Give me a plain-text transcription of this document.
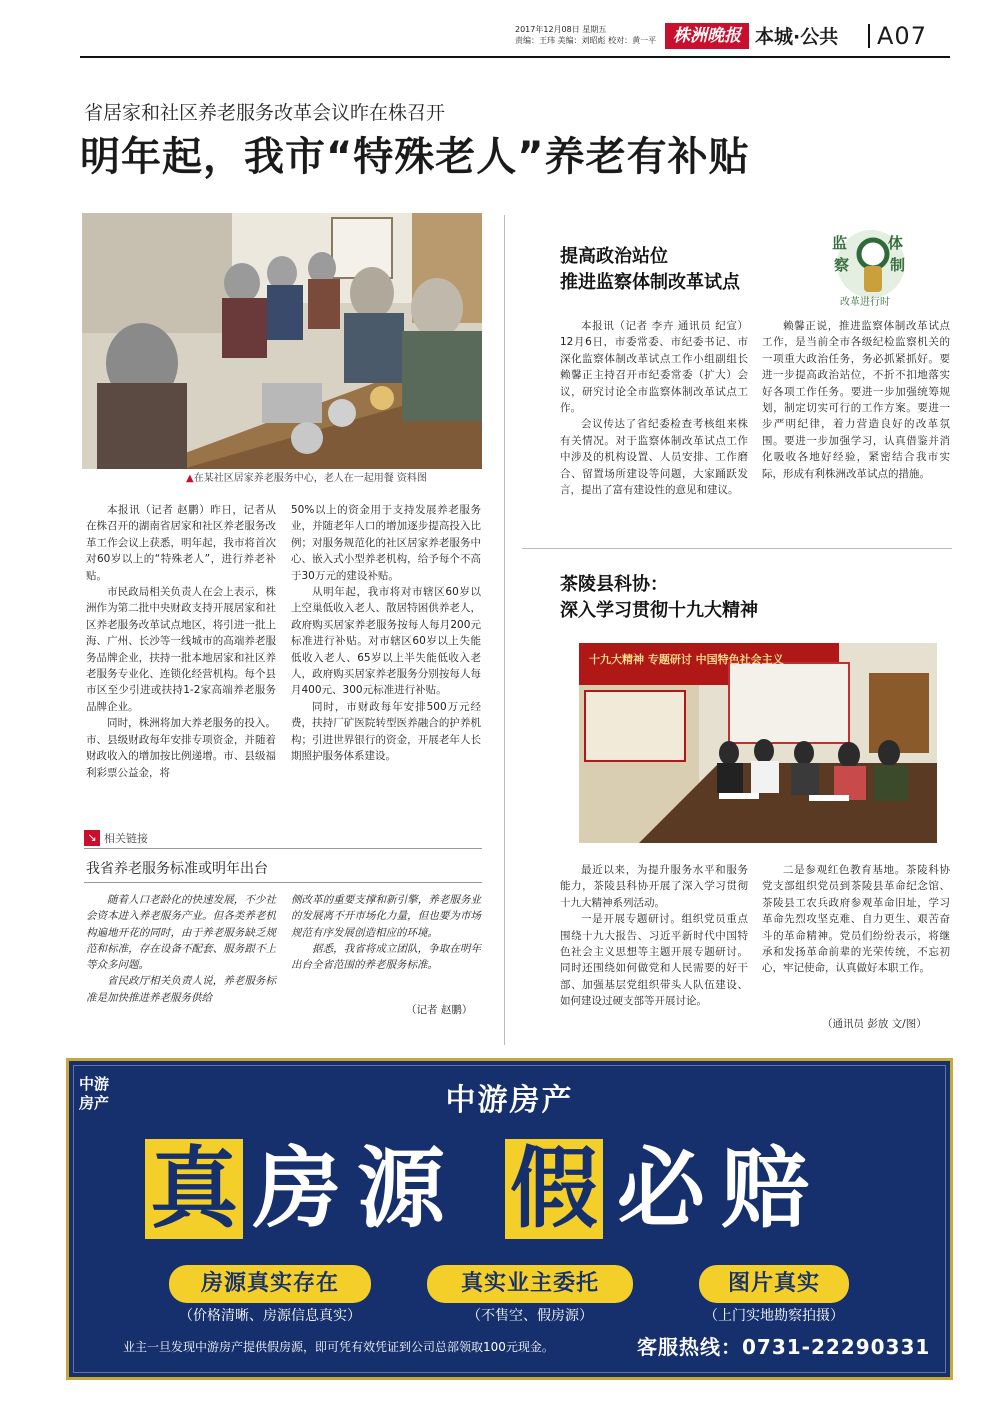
2017年12月08日 星期五
责编：王玮 美编：刘昭彪 校对：黄一平 株洲晚报 本城·公共 A07
省居家和社区养老服务改革会议昨在株召开
明年起，我市“特殊老人”养老有补贴
▲在某社区居家养老服务中心，老人在一起用餐 资料图

本报讯（记者 赵鹏）昨日，记者从在株召开的湖南省居家和社区养老服务改革工作会议上获悉，明年起，我市将首次对60岁以上的“特殊老人”，进行养老补贴。

市民政局相关负责人在会上表示，株洲作为第二批中央财政支持开展居家和社区养老服务改革试点地区，将引进一批上海、广州、长沙等一线城市的高端养老服务品牌企业，扶持一批本地居家和社区养老服务专业化、连锁化经营机构。每个县市区至少引进或扶持1-2家高端养老服务品牌企业。

同时，株洲将加大养老服务的投入。市、县级财政每年安排专项资金，并随着财政收入的增加按比例递增。市、县级福利彩票公益金，将

50%以上的资金用于支持发展养老服务业，并随老年人口的增加逐步提高投入比例；对服务规范化的社区居家养老服务中心、嵌入式小型养老机构，给予每个不高于30万元的建设补贴。

从明年起，我市将对市辖区60岁以上空巢低收入老人、散居特困供养老人，政府购买居家养老服务按每人每月200元标准进行补贴。对市辖区60岁以上失能低收入老人、65岁以上半失能低收入老人，政府购买居家养老服务分别按每人每月400元、300元标准进行补贴。

同时，市财政每年安排500万元经费，扶持厂矿医院转型医养融合的护养机构；引进世界银行的资金，开展老年人长期照护服务体系建设。

↘ 相关链接
我省养老服务标准或明年出台

随着人口老龄化的快速发展，不少社会资本进入养老服务产业。但各类养老机构遍地开花的同时，由于养老服务缺乏规范和标准，存在设备不配套、服务跟不上等众多问题。

省民政厅相关负责人说，养老服务标准是加快推进养老服务供给

侧改革的重要支撑和新引擎，养老服务业的发展离不开市场化力量，但也要为市场规范有序发展创造相应的环境。

据悉，我省将成立团队，争取在明年出台全省范围的养老服务标准。

（记者 赵鹏）
提高政治站位
推进监察体制改革试点
监	体
察	制
改革进行时

本报讯（记者 李卉 通讯员 纪宣）12月6日，市委常委、市纪委书记、市深化监察体制改革试点工作小组副组长赖馨正主持召开市纪委常委（扩大）会议，研究讨论全市监察体制改革试点工作。

会议传达了省纪委检查考核组来株有关情况。对于监察体制改革试点工作中涉及的机构设置、人员安排、工作磨合、留置场所建设等问题，大家踊跃发言，提出了富有建设性的意见和建议。

赖馨正说，推进监察体制改革试点工作，是当前全市各级纪检监察机关的一项重大政治任务，务必抓紧抓好。要进一步提高政治站位，不折不扣地落实好各项工作任务。要进一步加强统筹规划，制定切实可行的工作方案。要进一步严明纪律，着力营造良好的改革氛围。要进一步加强学习，认真借鉴并消化吸收各地好经验，紧密结合我市实际，形成有利株洲改革试点的措施。

茶陵县科协：
深入学习贯彻十九大精神
十九大精神 专题研讨 中国特色社会主义

最近以来，为提升服务水平和服务能力，茶陵县科协开展了深入学习贯彻十九大精神系列活动。

一是开展专题研讨。组织党员重点围绕十九大报告、习近平新时代中国特色社会主义思想等主题开展专题研讨。同时还围绕如何做党和人民需要的好干部、加强基层党组织带头人队伍建设、如何建设过硬支部等开展讨论。

二是参观红色教育基地。茶陵科协党支部组织党员到茶陵县革命纪念馆、茶陵县工农兵政府参观革命旧址，学习革命先烈攻坚克难、自力更生、艰苦奋斗的革命精神。党员们纷纷表示，将继承和发扬革命前辈的光荣传统，不忘初心，牢记使命，认真做好本职工作。

（通讯员 彭放 文/图）
中游
房产	中游房产
真 房 源 假 必 赔
房源真实存在	真实业主委托	图片真实
（价格清晰、房源信息真实）	（不售空、假房源）	（上门实地勘察拍摄）
业主一旦发现中游房产提供假房源，即可凭有效凭证到公司总部领取100元现金。	客服热线：0731-22290331
